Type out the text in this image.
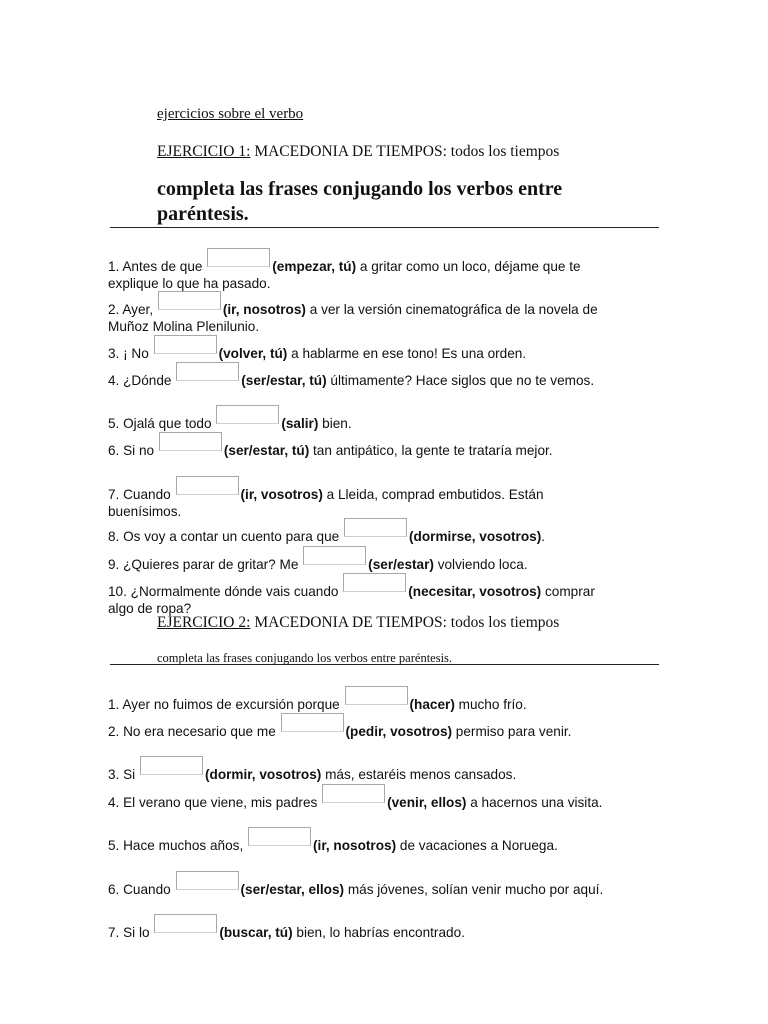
ejercicios sobre el verbo
EJERCICIO 1: MACEDONIA DE TIEMPOS: todos los tiempos
completa las frases conjugando los verbos entre paréntesis.
1. Antes de que	(empezar, tú) a gritar como un loco, déjame que te explique lo que ha pasado.
2. Ayer,	(ir, nosotros) a ver la versión cinematográfica de la novela de Muñoz Molina Plenilunio.
3. ¡ No	(volver, tú) a hablarme en ese tono! Es una orden.
4. ¿Dónde	(ser/estar, tú) últimamente? Hace siglos que no te vemos.
5. Ojalá que todo	(salir) bien.
6. Si no	(ser/estar, tú) tan antipático, la gente te trataría mejor.
7. Cuando	(ir, vosotros) a Lleida, comprad embutidos. Están buenísimos.
8. Os voy a contar un cuento para que	(dormirse, vosotros).
9. ¿Quieres parar de gritar? Me	(ser/estar) volviendo loca.
10. ¿Normalmente dónde vais cuando	(necesitar, vosotros) comprar algo de ropa?
EJERCICIO 2: MACEDONIA DE TIEMPOS: todos los tiempos
completa las frases conjugando los verbos entre paréntesis.
1. Ayer no fuimos de excursión porque	(hacer) mucho frío.
2. No era necesario que me	(pedir, vosotros) permiso para venir.
3. Si	(dormir, vosotros) más, estaréis menos cansados.
4. El verano que viene, mis padres	(venir, ellos) a hacernos una visita.
5. Hace muchos años,	(ir, nosotros) de vacaciones a Noruega.
6. Cuando	(ser/estar, ellos) más jóvenes, solían venir mucho por aquí.
7. Si lo	(buscar, tú) bien, lo habrías encontrado.
